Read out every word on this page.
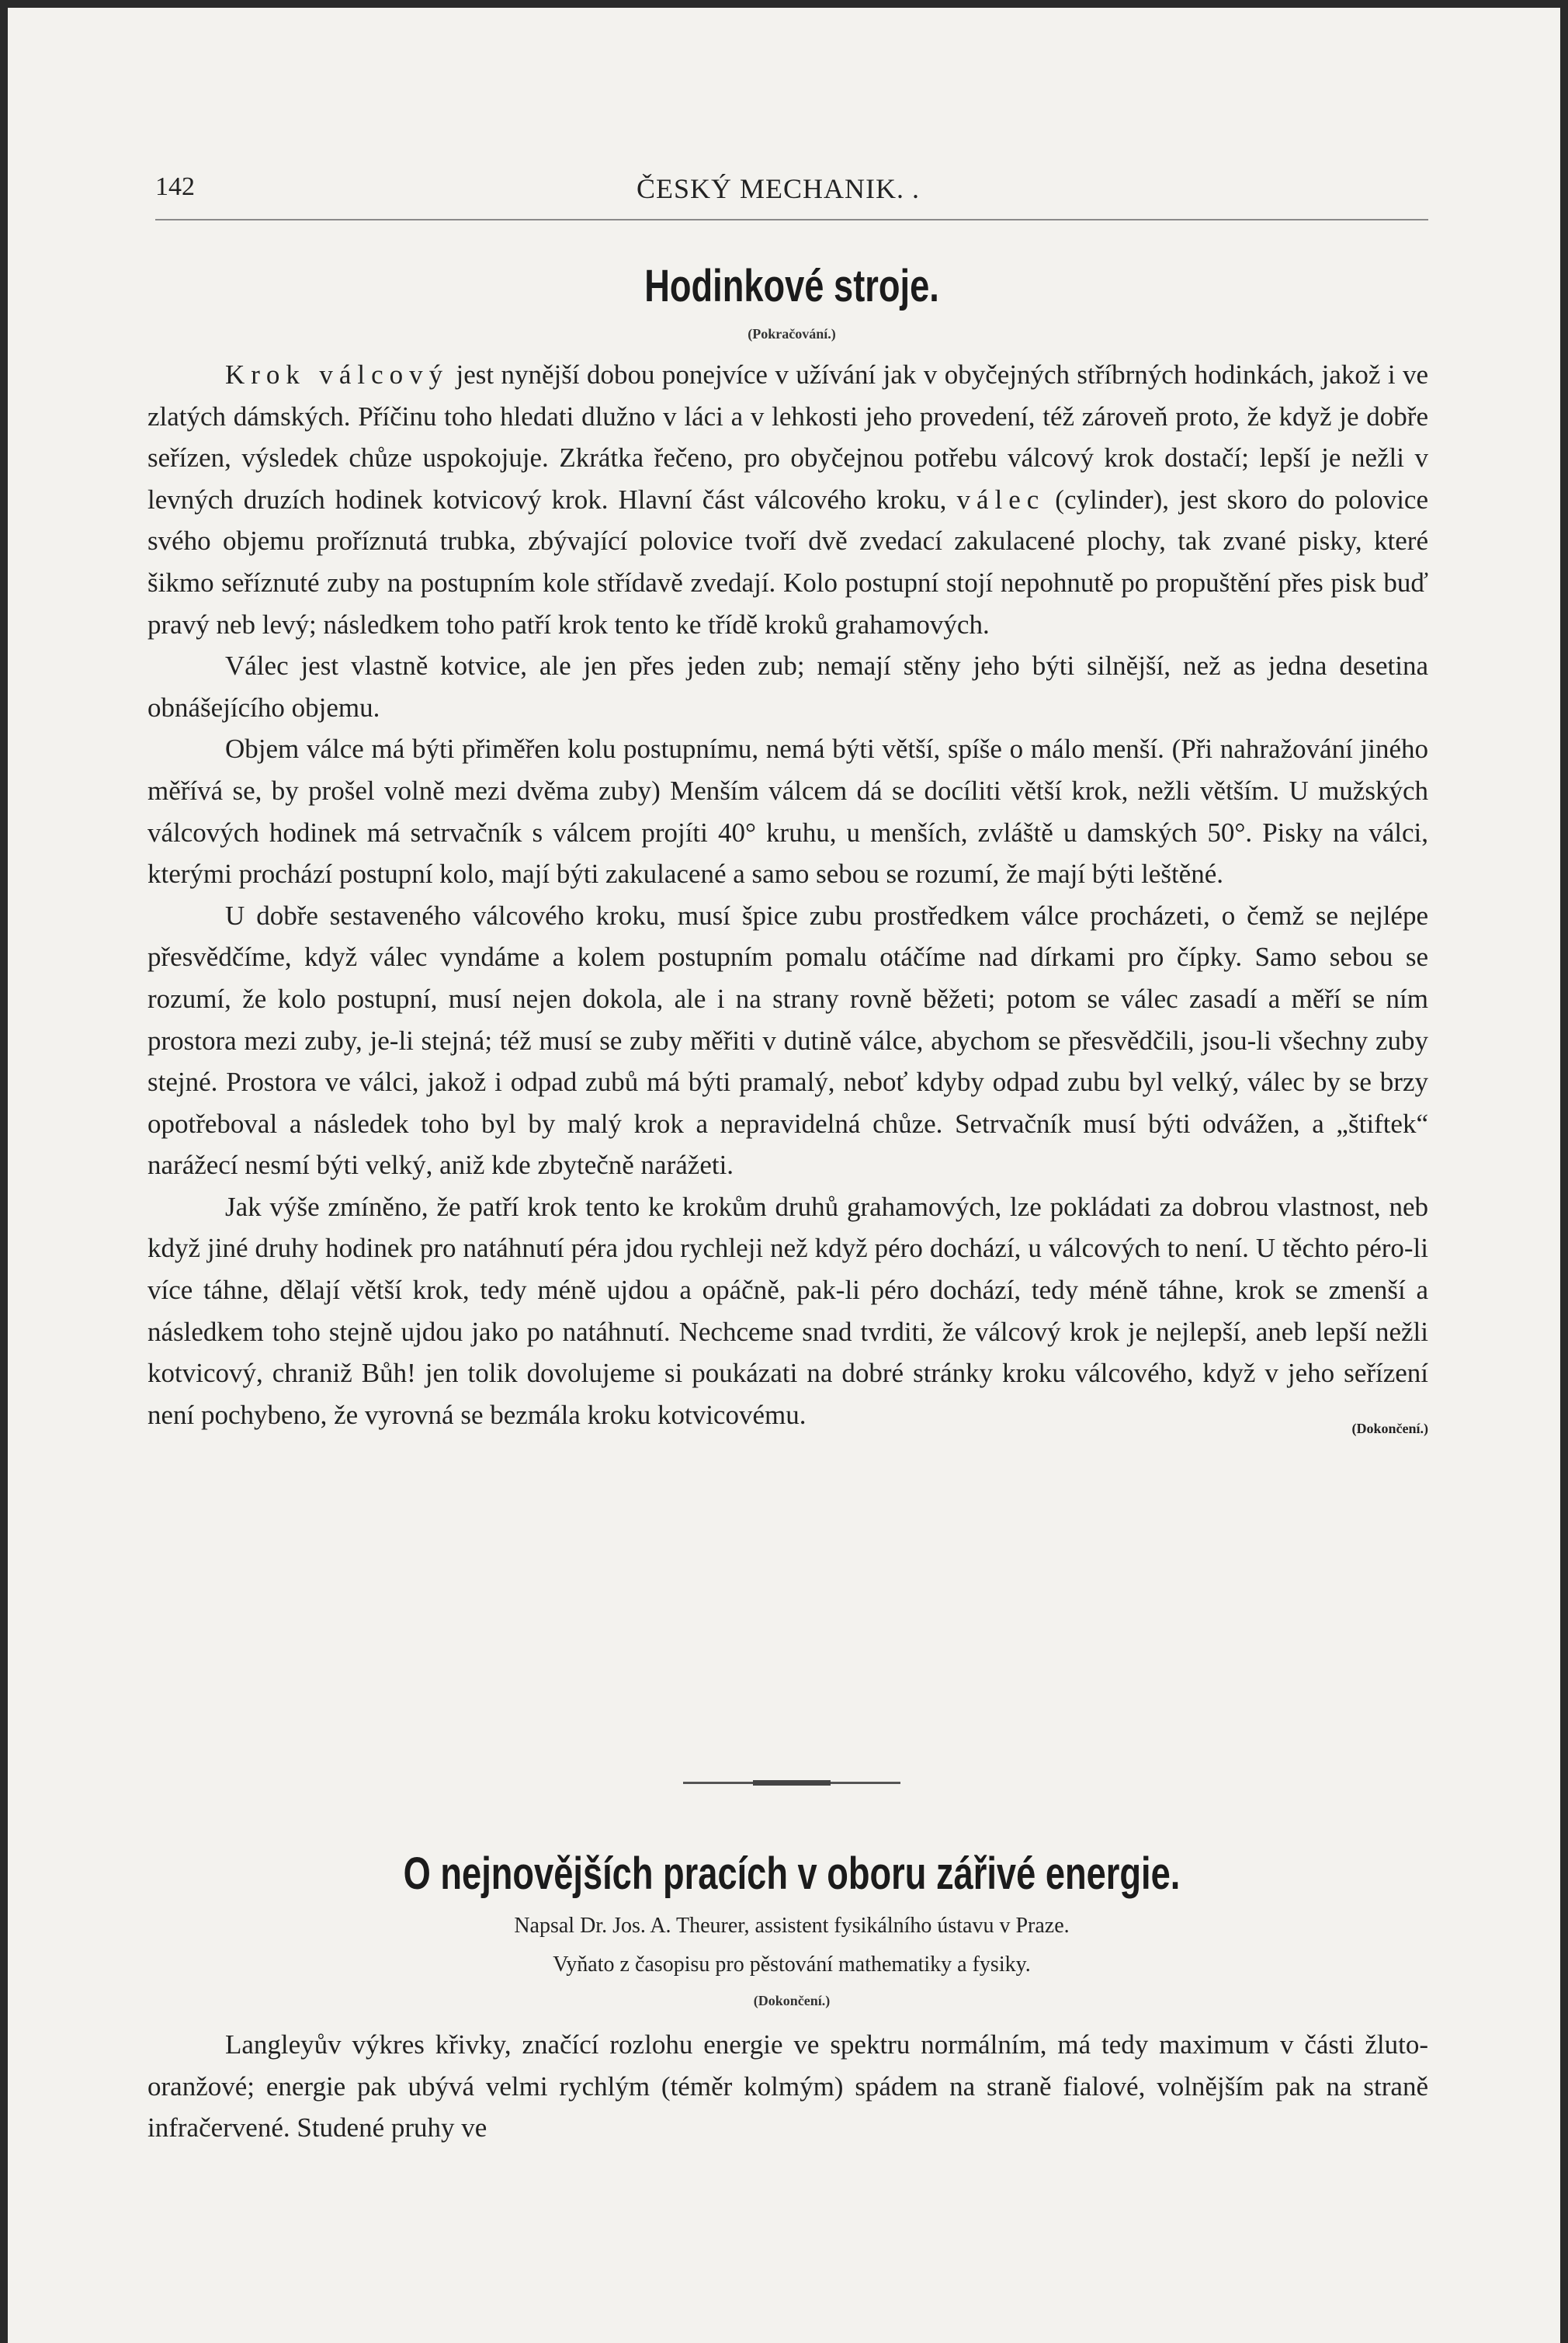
142	ČESKÝ MECHANIK. .
Hodinkové stroje.
(Pokračování.)

Krok válcový jest nynější dobou ponejvíce v užívání jak v obyčejných stříbrných hodinkách, jakož i ve zlatých dámských. Příčinu toho hledati dlužno v láci a v lehkosti jeho provedení, též zároveň proto, že když je dobře seřízen, výsledek chůze uspokojuje. Zkrátka řečeno, pro obyčejnou potřebu válcový krok dostačí; lepší je nežli v levných druzích hodinek kotvicový krok. Hlavní část válcového kroku, válec (cylinder), jest skoro do polovice svého objemu proříznutá trubka, zbývající polovice tvoří dvě zvedací zakulacené plochy, tak zvané pisky, které šikmo seříznuté zuby na postupním kole střídavě zvedají. Kolo postupní stojí nepohnutě po propuštění přes pisk buď pravý neb levý; následkem toho patří krok tento ke třídě kroků grahamových.

Válec jest vlastně kotvice, ale jen přes jeden zub; nemají stěny jeho býti silnější, než as jedna desetina obnášejícího objemu.

Objem válce má býti přiměřen kolu postupnímu, nemá býti větší, spíše o málo menší. (Při nahražování jiného měřívá se, by prošel volně mezi dvěma zuby) Menším válcem dá se docíliti větší krok, nežli větším. U mužských válcových hodinek má setrvačník s válcem projíti 40° kruhu, u menších, zvláště u damských 50°. Pisky na válci, kterými prochází postupní kolo, mají býti zakulacené a samo sebou se rozumí, že mají býti leštěné.

U dobře sestaveného válcového kroku, musí špice zubu prostředkem válce procházeti, o čemž se nejlépe přesvědčíme, když válec vyndáme a kolem postupním pomalu otáčíme nad dírkami pro čípky. Samo sebou se rozumí, že kolo postupní, musí nejen dokola, ale i na strany rovně běžeti; potom se válec zasadí a měří se ním prostora mezi zuby, je-li stejná; též musí se zuby měřiti v dutině válce, abychom se přesvědčili, jsou-li všechny zuby stejné. Prostora ve válci, jakož i odpad zubů má býti pramalý, neboť kdyby odpad zubu byl velký, válec by se brzy opotřeboval a následek toho byl by malý krok a nepravidelná chůze. Setrvačník musí býti odvážen, a „štiftek“ narážecí nesmí býti velký, aniž kde zbytečně narážeti.

Jak výše zmíněno, že patří krok tento ke krokům druhů grahamových, lze pokládati za dobrou vlastnost, neb když jiné druhy hodinek pro natáhnutí péra jdou rychleji než když péro dochází, u válcových to není. U těchto péro-li více táhne, dělají větší krok, tedy méně ujdou a opáčně, pak-li péro dochází, tedy méně táhne, krok se zmenší a následkem toho stejně ujdou jako po natáhnutí. Nechceme snad tvrditi, že válcový krok je nejlepší, aneb lepší nežli kotvicový, chraniž Bůh! jen tolik dovolujeme si poukázati na dobré stránky kroku válcového, když v jeho seřízení není pochybeno, že vyrovná se bezmála kroku kotvicovému.	(Dokončení.)

O nejnovějších pracích v oboru zářivé energie.
Napsal Dr. Jos. A. Theurer, assistent fysikálního ústavu v Praze.
Vyňato z časopisu pro pěstování mathematiky a fysiky.
(Dokončení.)

Langleyův výkres křivky, značící rozlohu energie ve spektru normálním, má tedy maximum v části žluto-oranžové; energie pak ubývá velmi rychlým (téměr kolmým) spádem na straně fialové, volnějším pak na straně infračervené. Studené pruhy ve
